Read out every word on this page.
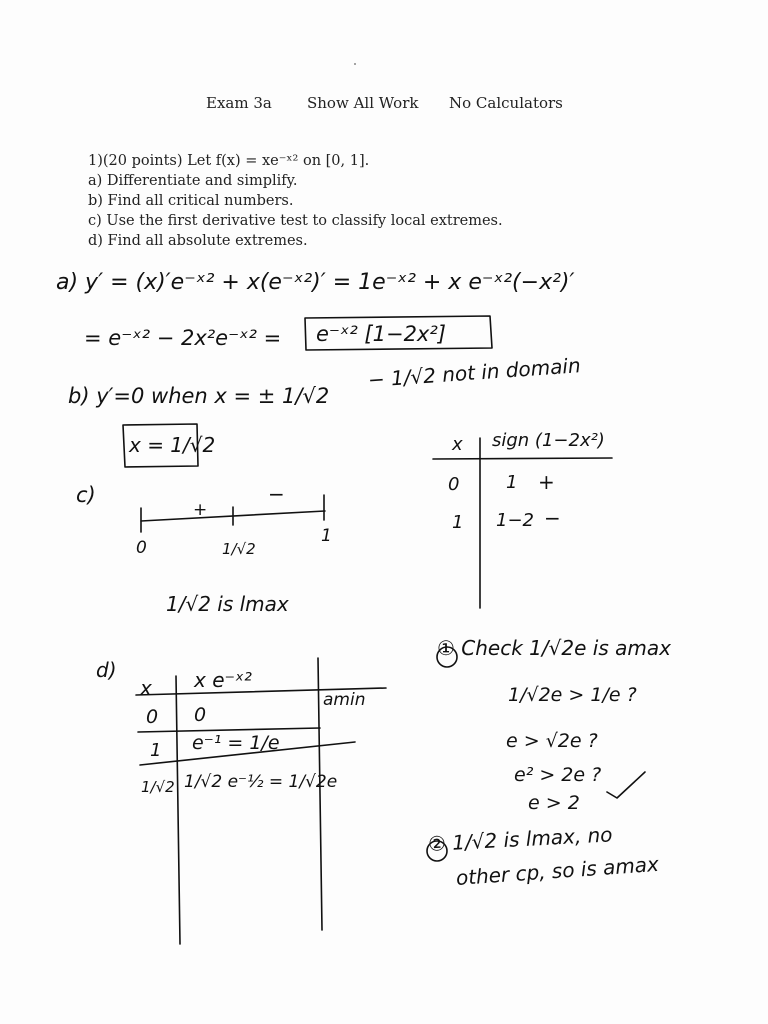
Exam 3a Show All Work No Calculators
1)(20 points) Let f(x) = xe⁻ˣ² on [0, 1].
a) Differentiate and simplify.
b) Find all critical numbers.
c) Use the first derivative test to classify local extremes.
d) Find all absolute extremes.
a) y′ = (x)′e⁻ˣ² + x(e⁻ˣ²)′ = 1e⁻ˣ² + x e⁻ˣ²(−x²)′
= e⁻ˣ² − 2x²e⁻ˣ² = e⁻ˣ² [1−2x²]
b) y′=0 when x = ± 1/√2
− 1/√2 not in domain
x = 1/√2
c)
+
−
0	1/√2
1
1/√2 is lmax
x sign (1−2x²)
0	1 +
1 1−2 −
d)
x x e⁻ˣ²
0 0
amin
1 e⁻¹ = 1/e
1/√2 1/√2 e⁻½ = 1/√2e
① Check 1/√2e is amax
1/√2e > 1/e ?
e > √2e ?
e² > 2e ?
e > 2
② 1/√2 is lmax, no
other cp, so is amax
